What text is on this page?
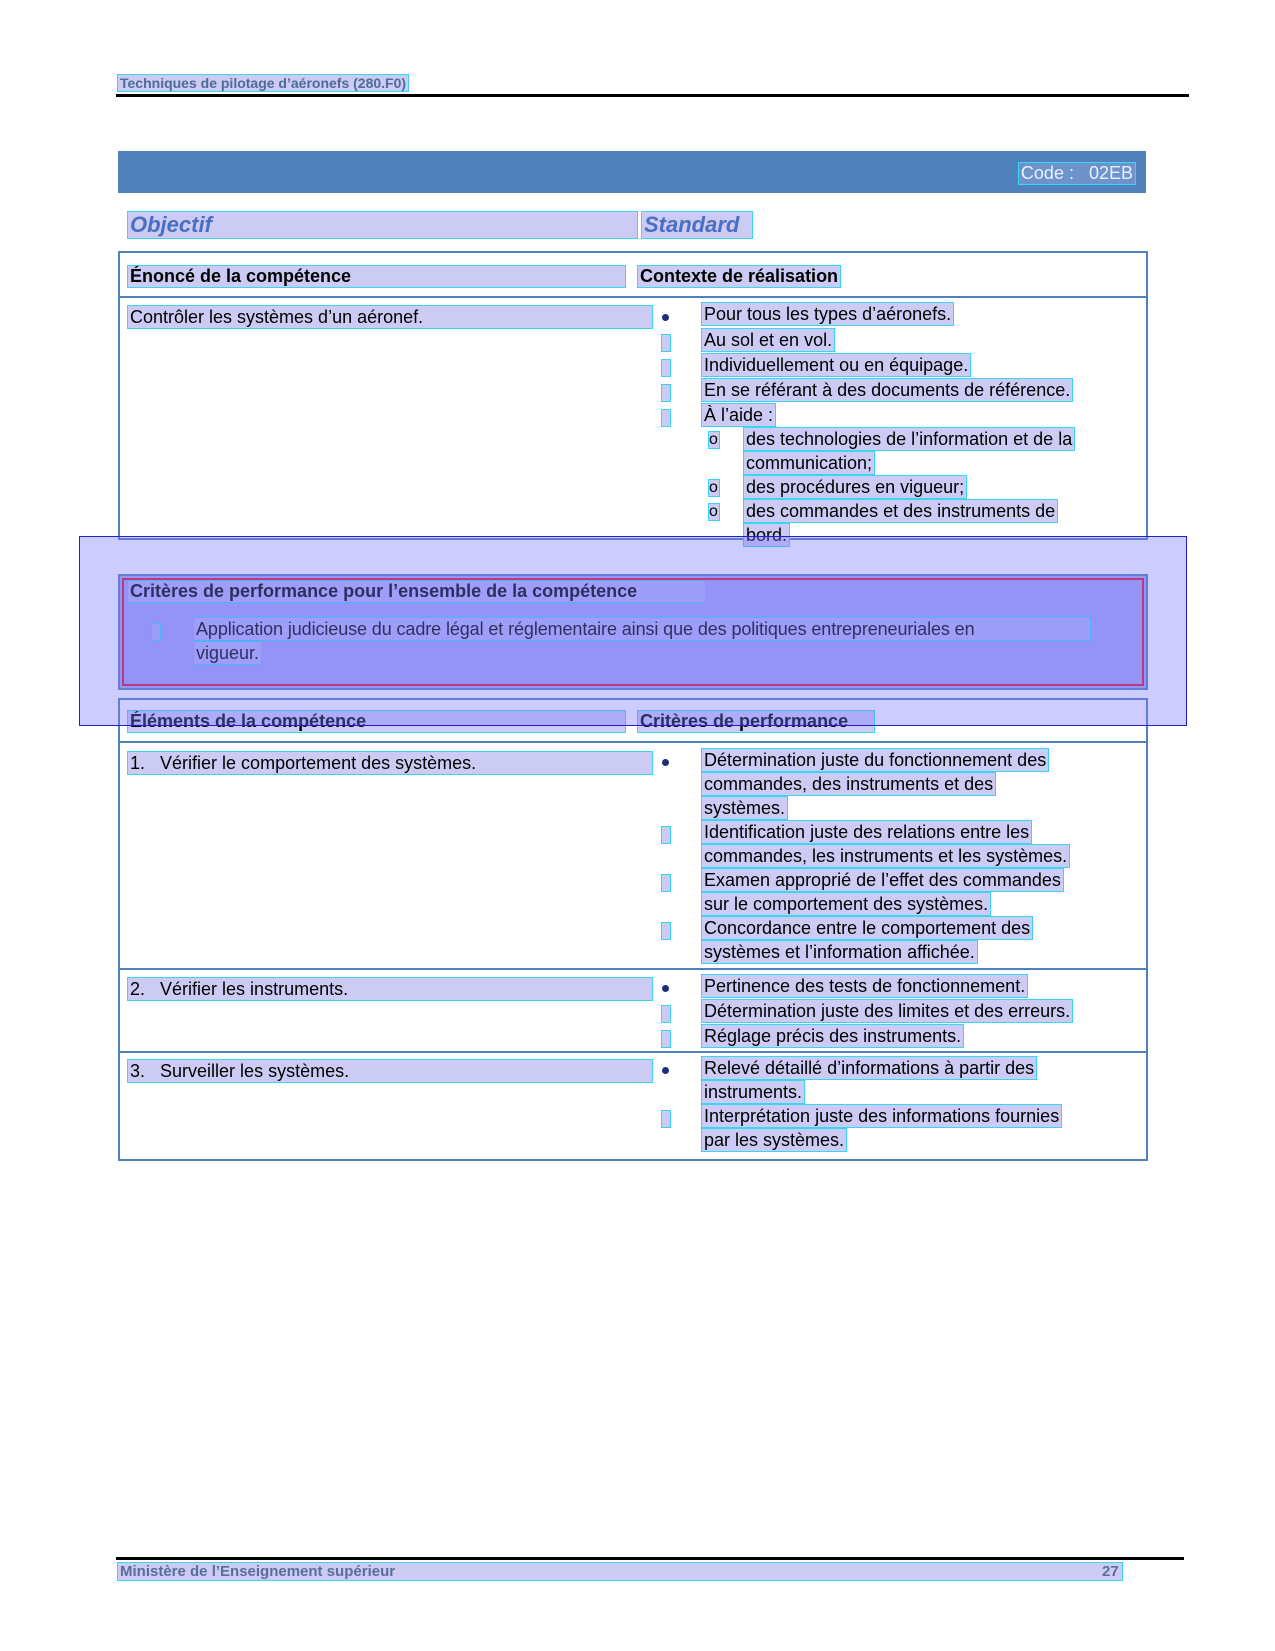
Techniques de pilotage d’aéronefs (280.F0)
Code :   02EB
Objectif	Standard
Énoncé de la compétence	Contexte de réalisation
Contrôler les systèmes d’un aéronef.	Pour tous les types d’aéronefs.
Au sol et en vol.
Individuellement ou en équipage.
En se référant à des documents de référence.
À l’aide :
o des technologies de l’information et de la
communication;
o des procédures en vigueur;
o des commandes et des instruments de
bord.
Critères de performance pour l’ensemble de la compétence
Application judicieuse du cadre légal et réglementaire ainsi que des politiques entrepreneuriales en
vigueur.
Éléments de la compétence	Critères de performance
1. Vérifier le comportement des systèmes.	Détermination juste du fonctionnement des
commandes, des instruments et des
systèmes.
Identification juste des relations entre les
commandes, les instruments et les systèmes.
Examen approprié de l’effet des commandes
sur le comportement des systèmes.
Concordance entre le comportement des
systèmes et l’information affichée.
2. Vérifier les instruments.	Pertinence des tests de fonctionnement.
Détermination juste des limites et des erreurs.
Réglage précis des instruments.
3. Surveiller les systèmes.	Relevé détaillé d’informations à partir des
instruments.
Interprétation juste des informations fournies
par les systèmes.
Ministère de l’Enseignement supérieur	27
